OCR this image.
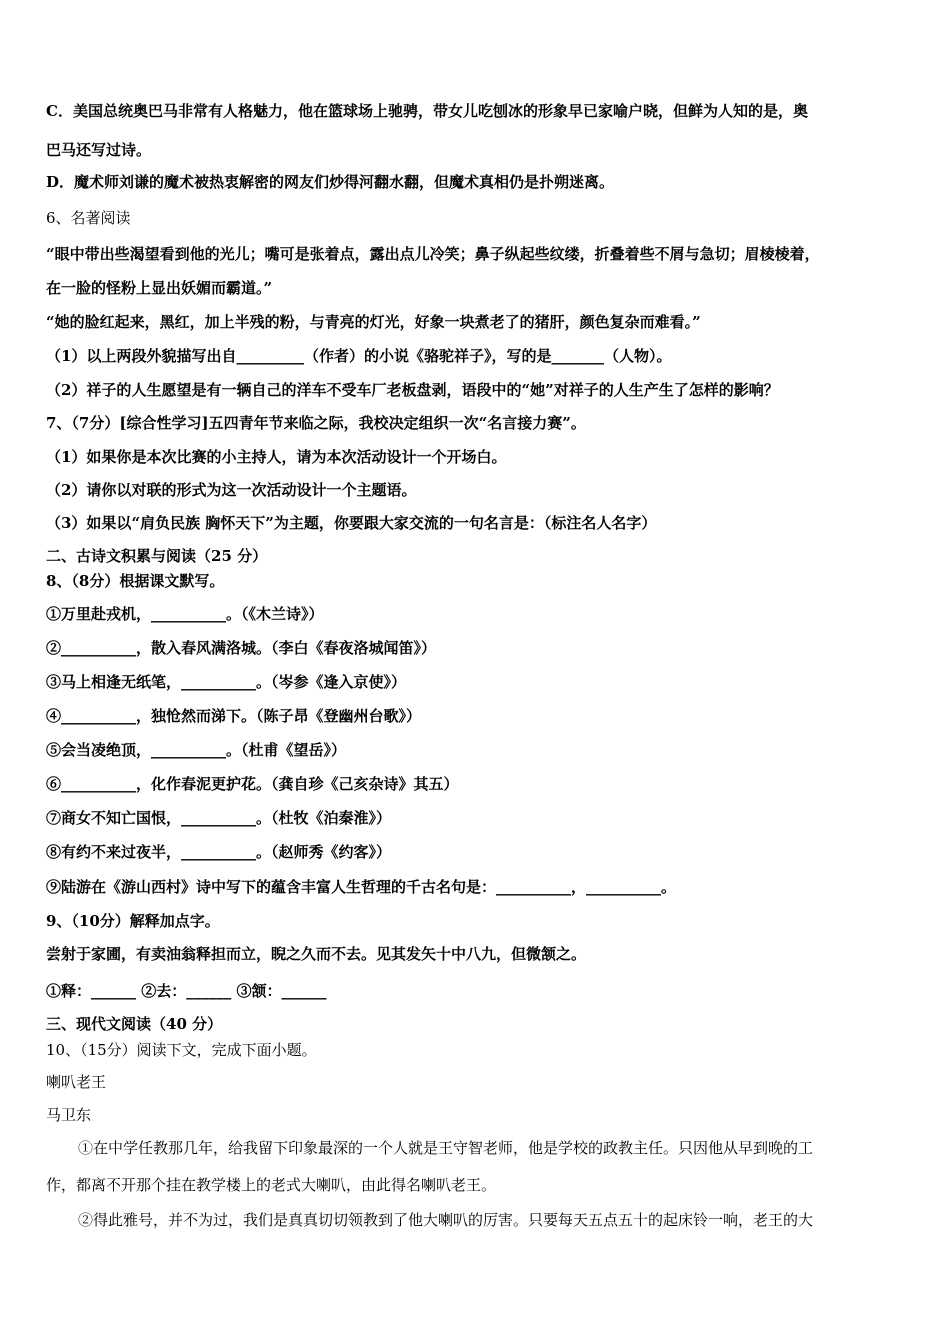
C．美国总统奥巴马非常有人格魅力，他在篮球场上驰骋，带女儿吃刨冰的形象早已家喻户晓，但鲜为人知的是，奥
巴马还写过诗。
D．魔术师刘谦的魔术被热衷解密的网友们炒得河翻水翻，但魔术真相仍是扑朔迷离。
6、名著阅读
“眼中带出些渴望看到他的光儿；嘴可是张着点，露出点儿冷笑；鼻子纵起些纹缕，折叠着些不屑与急切；眉棱棱着，
在一脸的怪粉上显出妖媚而霸道。”
“她的脸红起来，黑红，加上半残的粉，与青亮的灯光，好象一块煮老了的猪肝，颜色复杂而难看。”
（1）以上两段外貌描写出自_________（作者）的小说《骆驼祥子》，写的是_______（人物）。
（2）祥子的人生愿望是有一辆自己的洋车不受车厂老板盘剥，语段中的“她”对祥子的人生产生了怎样的影响？
7、（7分）[综合性学习]五四青年节来临之际，我校决定组织一次“名言接力赛”。
（1）如果你是本次比赛的小主持人，请为本次活动设计一个开场白。
（2）请你以对联的形式为这一次活动设计一个主题语。
（3）如果以“肩负民族 胸怀天下”为主题，你要跟大家交流的一句名言是：（标注名人名字）
二、古诗文积累与阅读（25 分）
8、（8分）根据课文默写。
①万里赴戎机，__________。（《木兰诗》）
②__________，散入春风满洛城。（李白《春夜洛城闻笛》）
③马上相逢无纸笔，__________。（岑参《逢入京使》）
④__________，独怆然而涕下。（陈子昂《登幽州台歌》）
⑤会当凌绝顶，__________。（杜甫《望岳》）
⑥__________，化作春泥更护花。（龚自珍《己亥杂诗》其五）
⑦商女不知亡国恨，__________。（杜牧《泊秦淮》）
⑧有约不来过夜半，__________。（赵师秀《约客》）
⑨陆游在《游山西村》诗中写下的蕴含丰富人生哲理的千古名句是：__________，__________。
9、（10分）解释加点字。
尝射于家圃，有卖油翁释担而立，睨之久而不去。见其发矢十中八九，但微颔之。
①释：______ ②去：______ ③颔：______
三、现代文阅读（40 分）
10、（15分）阅读下文，完成下面小题。
喇叭老王
马卫东
①在中学任教那几年，给我留下印象最深的一个人就是王守智老师，他是学校的政教主任。只因他从早到晚的工
作，都离不开那个挂在教学楼上的老式大喇叭，由此得名喇叭老王。
②得此雅号，并不为过，我们是真真切切领教到了他大喇叭的厉害。只要每天五点五十的起床铃一响，老王的大
